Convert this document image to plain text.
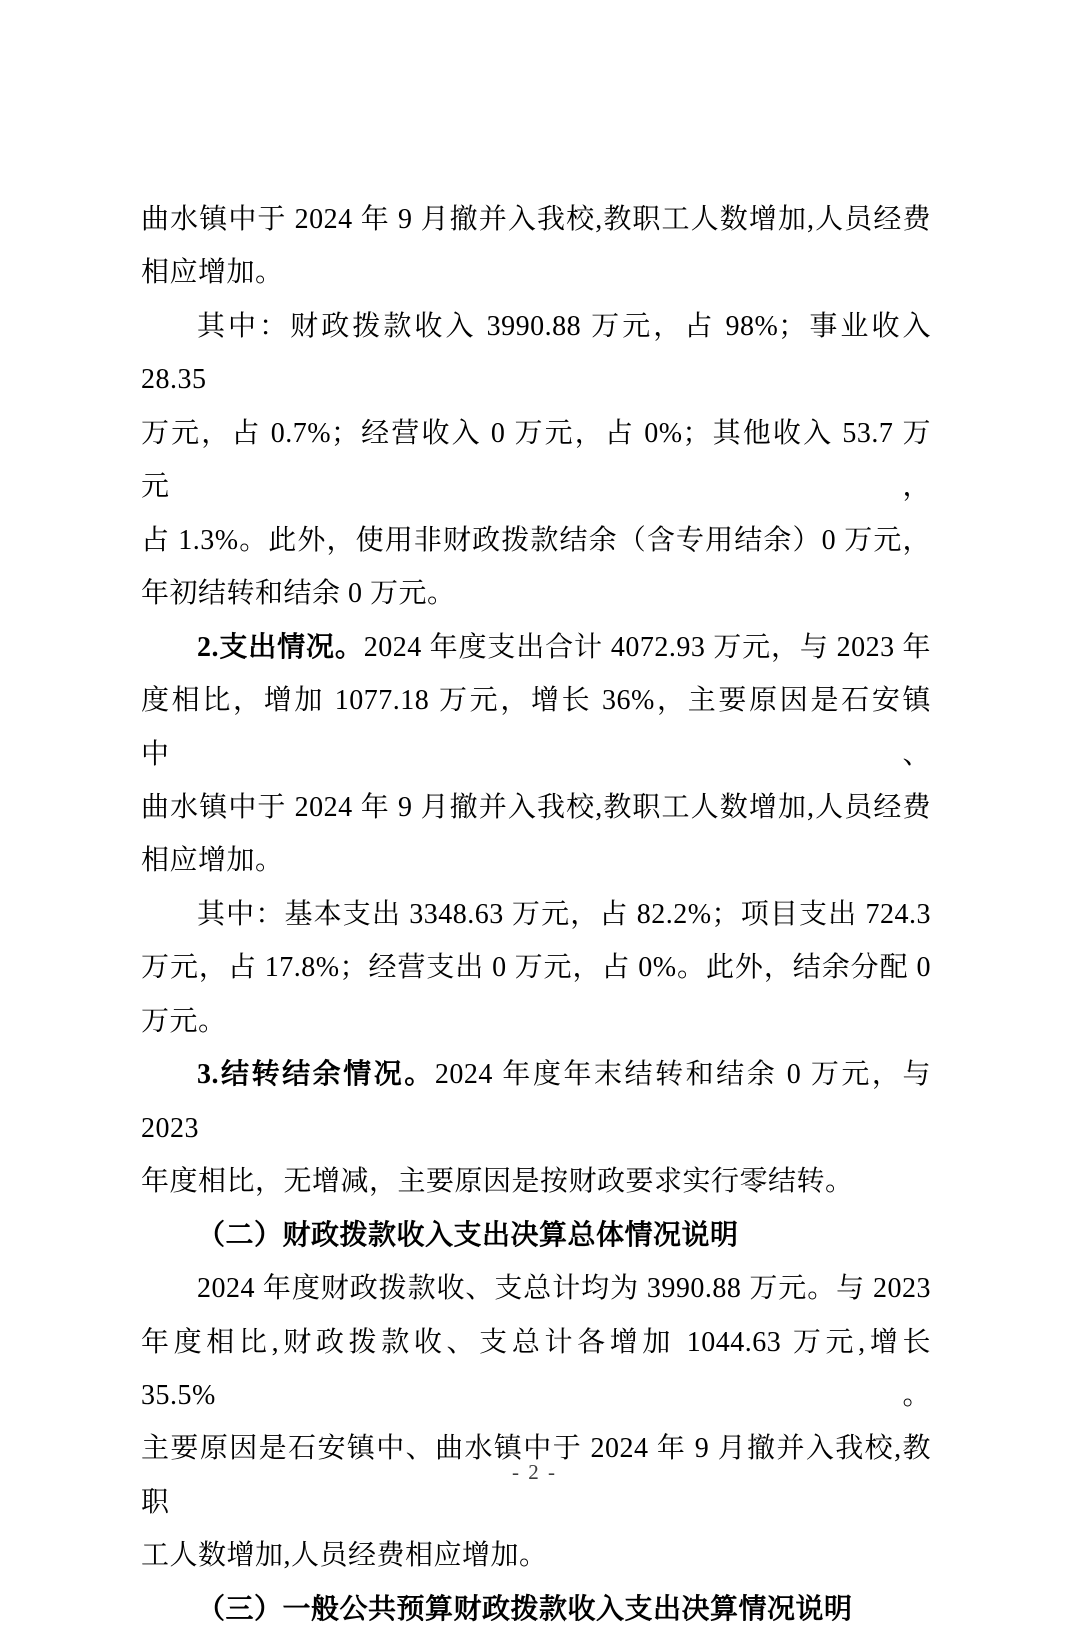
曲水镇中于 2024 年 9 月撤并入我校,教职工人数增加,人员经费

相应增加。

其中：财政拨款收入 3990.88 万元，占 98%；事业收入 28.35

万元，占 0.7%；经营收入 0 万元，占 0%；其他收入 53.7 万元，

占 1.3%。此外，使用非财政拨款结余（含专用结余）0 万元，

年初结转和结余 0 万元。

2.支出情况。2024 年度支出合计 4072.93 万元，与 2023 年

度相比，增加 1077.18 万元，增长 36%，主要原因是石安镇中、

曲水镇中于 2024 年 9 月撤并入我校,教职工人数增加,人员经费

相应增加。

其中：基本支出 3348.63 万元，占 82.2%；项目支出 724.3

万元，占 17.8%；经营支出 0 万元，占 0%。此外，结余分配 0

万元。

3.结转结余情况。2024 年度年末结转和结余 0 万元，与 2023

年度相比，无增减，主要原因是按财政要求实行零结转。

（二）财政拨款收入支出决算总体情况说明

2024 年度财政拨款收、支总计均为 3990.88 万元。与 2023

年度相比,财政拨款收、支总计各增加 1044.63 万元,增长 35.5%。

主要原因是石安镇中、曲水镇中于 2024 年 9 月撤并入我校,教职

工人数增加,人员经费相应增加。

（三）一般公共预算财政拨款收入支出决算情况说明

- 2 -
